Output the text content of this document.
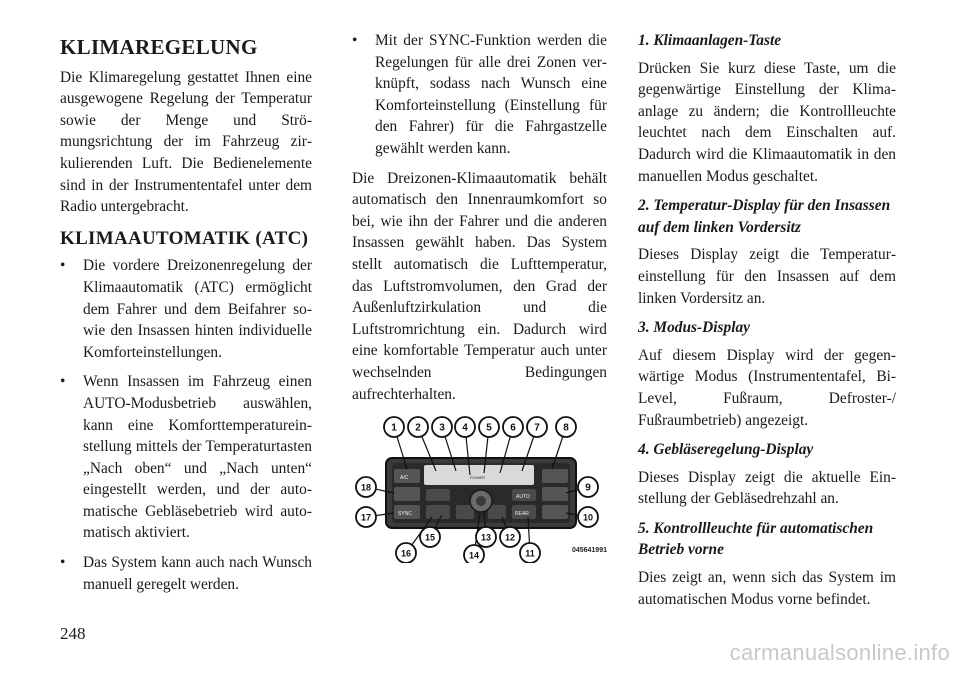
KLIMAREGELUNG

Die Klimaregelung gestattet Ihnen eine ausgewogene Regelung der Temperatur sowie der Menge und Strömungsrichtung der im Fahrzeug zirkulierenden Luft. Die Bedienelemente sind in der Instrumententafel unter dem Radio untergebracht.

KLIMAAUTOMATIK (ATC)
• Die vordere Dreizonenregelung der Klimaautomatik (ATC) ermöglicht dem Fahrer und dem Beifahrer sowie den Insassen hinten individuelle Komforteinstellungen.
• Wenn Insassen im Fahrzeug einen AUTO-Modusbetrieb auswählen, kann eine Komforttemperatureinstellung mittels der Temperaturtasten „Nach oben“ und „Nach unten“ eingestellt werden, und der automatische Gebläsebetrieb wird automatisch aktiviert.
• Das System kann auch nach Wunsch manuell geregelt werden.
• Mit der SYNC-Funktion werden die Regelungen für alle drei Zonen verknüpft, sodass nach Wunsch eine Komforteinstellung (Einstellung für den Fahrer) für die Fahrgastzelle gewählt werden kann.

Die Dreizonen-Klimaautomatik behält automatisch den Innenraumkomfort so bei, wie ihn der Fahrer und die anderen Insassen gewählt haben. Das System stellt automatisch die Lufttemperatur, das Luftstromvolumen, den Grad der Außenluftzirkulation und die Luftstromrichtung ein. Dadurch wird eine komfortable Temperatur auch unter wechselnden Bedingungen aufrechterhalten.

A/C
SYNC
AUTO
REAR
POWER
1 2 3 4 5 6 7 8
9
10
11
12
13
14
15
16
17
18
0456419​91
1. Klimaanlagen-Taste

Drücken Sie kurz diese Taste, um die gegenwärtige Einstellung der Klimaanlage zu ändern; die Kontrollleuchte leuchtet nach dem Einschalten auf. Dadurch wird die Klimaautomatik in den manuellen Modus geschaltet.

2. Temperatur-Display für den Insassen auf dem linken Vordersitz

Dieses Display zeigt die Temperatureinstellung für den Insassen auf dem linken Vordersitz an.

3. Modus-Display

Auf diesem Display wird der gegenwärtige Modus (Instrumententafel, Bi-Level, Fußraum, Defroster-/ Fußraumbetrieb) angezeigt.

4. Gebläseregelung-Display

Dieses Display zeigt die aktuelle Einstellung der Gebläsedrehzahl an.

5. Kontrollleuchte für automatischen Betrieb vorne

Dies zeigt an, wenn sich das System im automatischen Modus vorne befindet.

248
carmanualsonline.info
